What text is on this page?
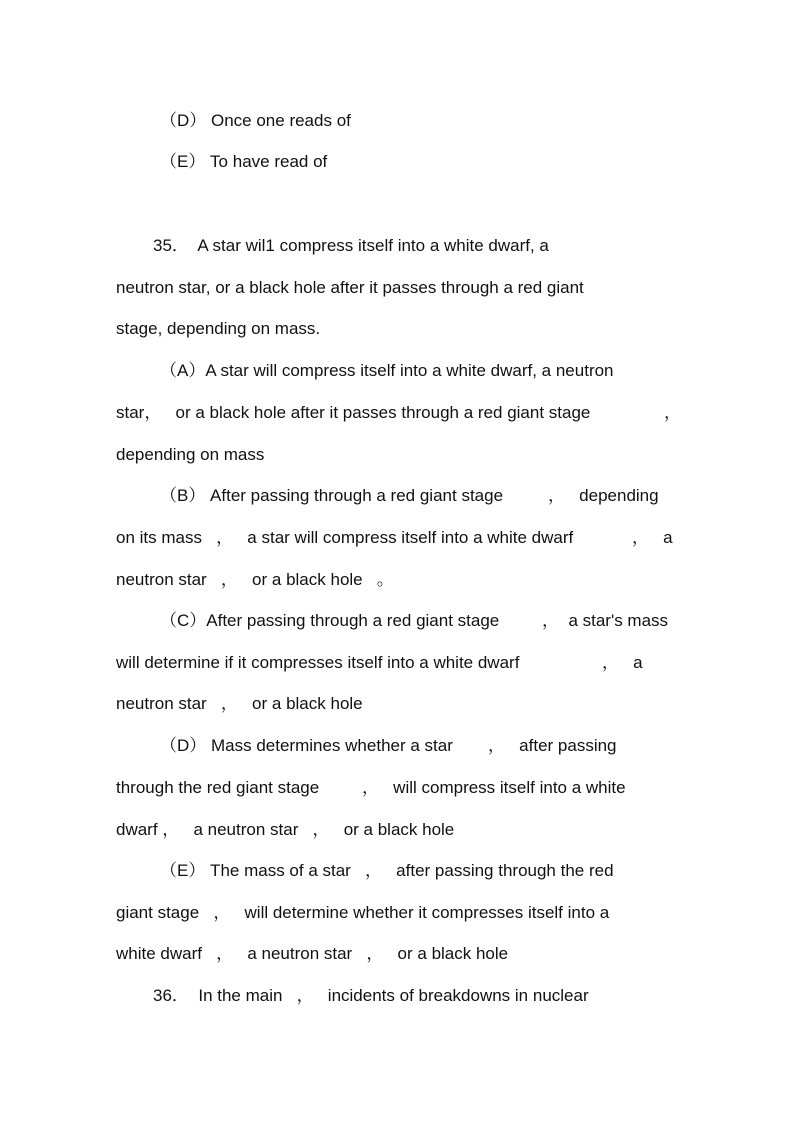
（D） Once one reads of
（E） To have read of
35．  A star wil1 compress itself into a white dwarf, a
neutron star, or a black hole after it passes through a red giant
stage, depending on mass.
（A）A star will compress itself into a white dwarf, a neutron
star，   or a black hole after it passes through a red giant stage	，
depending on mass
（B） After passing through a red giant stage	，   depending
on its mass   ，   a star will compress itself into a white dwarf	，   a
neutron star   ，   or a black hole   。
（C）After passing through a red giant stage	，  a star's mass
will determine if it compresses itself into a white dwarf	，   a
neutron star   ，   or a black hole
（D） Mass determines whether a star ，   after passing
through the red giant stage	，   will compress itself into a white
dwarf ，   a neutron star   ，   or a black hole
（E） The mass of a star   ，   after passing through the red
giant stage   ，   will determine whether it compresses itself into a
white dwarf   ，   a neutron star   ，   or a black hole
36．  In the main   ，   incidents of breakdowns in nuclear
